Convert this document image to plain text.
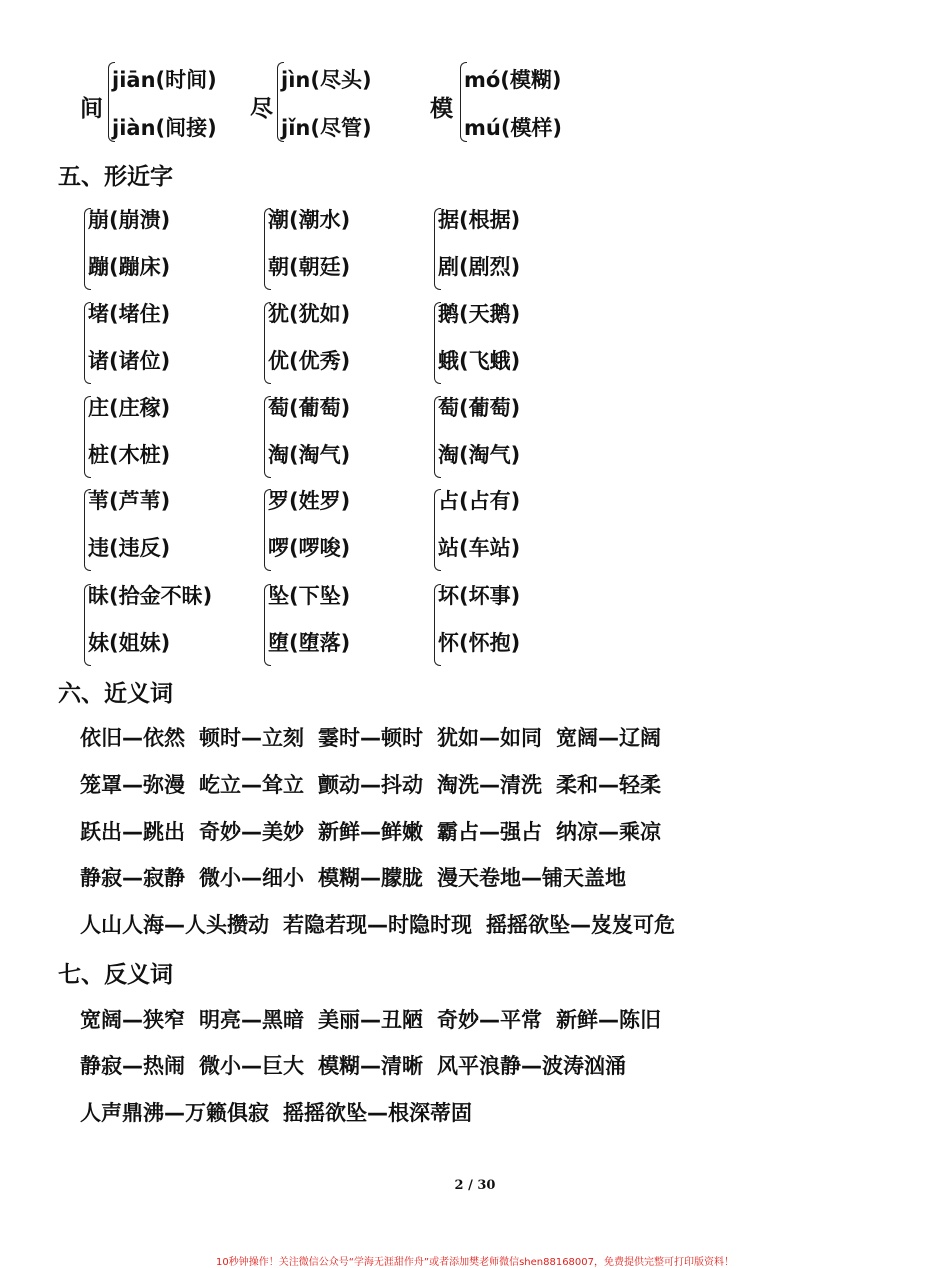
间
jiān(时间)
jiàn(间接)
尽
jìn(尽头)
jǐn(尽管)
模
mó(模糊)
mú(模样)
五、形近字
崩(崩溃)
蹦(蹦床)
潮(潮水)
朝(朝廷)
据(根据)
剧(剧烈)
堵(堵住)
诸(诸位)
犹(犹如)
优(优秀)
鹅(天鹅)
蛾(飞蛾)
庄(庄稼)
桩(木桩)
萄(葡萄)
淘(淘气)
萄(葡萄)
淘(淘气)
苇(芦苇)
违(违反)
罗(姓罗)
啰(啰唆)
占(占有)
站(车站)
昧(拾金不昧)
妹(姐妹)
坠(下坠)
堕(堕落)
坏(坏事)
怀(怀抱)
六、近义词
依旧—依然 顿时—立刻 霎时—顿时 犹如—如同 宽阔—辽阔
笼罩—弥漫 屹立—耸立 颤动—抖动 淘洗—清洗 柔和—轻柔
跃出—跳出 奇妙—美妙 新鲜—鲜嫩 霸占—强占 纳凉—乘凉
静寂—寂静 微小—细小 模糊—朦胧 漫天卷地—铺天盖地
人山人海—人头攒动 若隐若现—时隐时现 摇摇欲坠—岌岌可危
七、反义词
宽阔—狭窄 明亮—黑暗 美丽—丑陋 奇妙—平常 新鲜—陈旧
静寂—热闹 微小—巨大 模糊—清晰 风平浪静—波涛汹涌
人声鼎沸—万籁俱寂 摇摇欲坠—根深蒂固
2 / 30
10秒钟操作！关注微信公众号“学海无涯甜作舟”或者添加樊老师微信shen88168007，免费提供完整可打印版资料！
